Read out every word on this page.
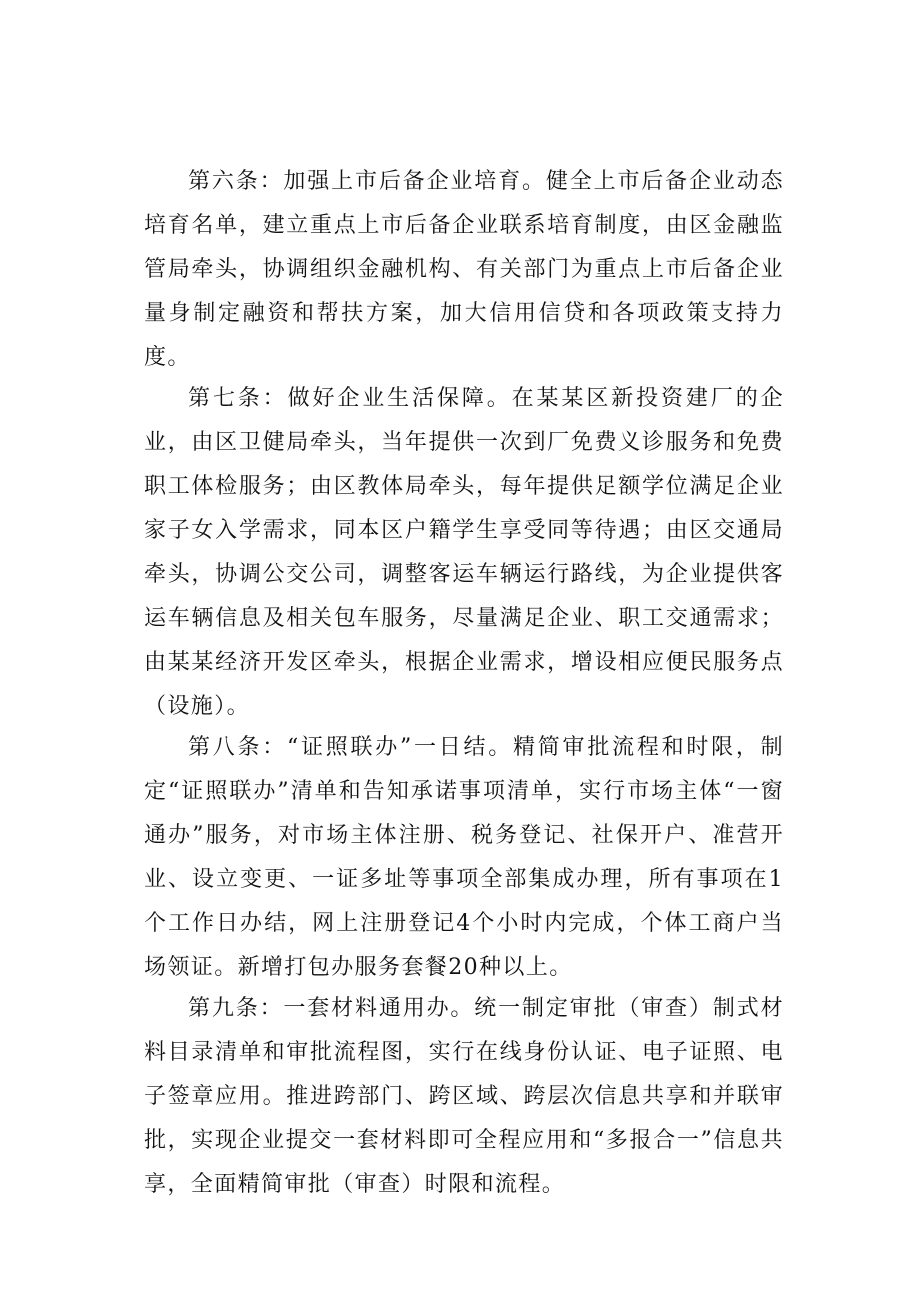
第六条：加强上市后备企业培育。健全上市后备企业动态培育名单，建立重点上市后备企业联系培育制度，由区金融监管局牵头，协调组织金融机构、有关部门为重点上市后备企业量身制定融资和帮扶方案，加大信用信贷和各项政策支持力度。

第七条：做好企业生活保障。在某某区新投资建厂的企业，由区卫健局牵头，当年提供一次到厂免费义诊服务和免费职工体检服务；由区教体局牵头，每年提供足额学位满足企业家子女入学需求，同本区户籍学生享受同等待遇；由区交通局牵头，协调公交公司，调整客运车辆运行路线，为企业提供客运车辆信息及相关包车服务，尽量满足企业、职工交通需求；由某某经济开发区牵头，根据企业需求，增设相应便民服务点（设施）。

第八条：“证照联办”一日结。精简审批流程和时限，制定“证照联办”清单和告知承诺事项清单，实行市场主体“一窗通办”服务，对市场主体注册、税务登记、社保开户、准营开业、设立变更、一证多址等事项全部集成办理，所有事项在1个工作日办结，网上注册登记4个小时内完成，个体工商户当场领证。新增打包办服务套餐20种以上。

第九条：一套材料通用办。统一制定审批（审查）制式材料目录清单和审批流程图，实行在线身份认证、电子证照、电子签章应用。推进跨部门、跨区域、跨层次信息共享和并联审批，实现企业提交一套材料即可全程应用和“多报合一”信息共享，全面精简审批（审查）时限和流程。
